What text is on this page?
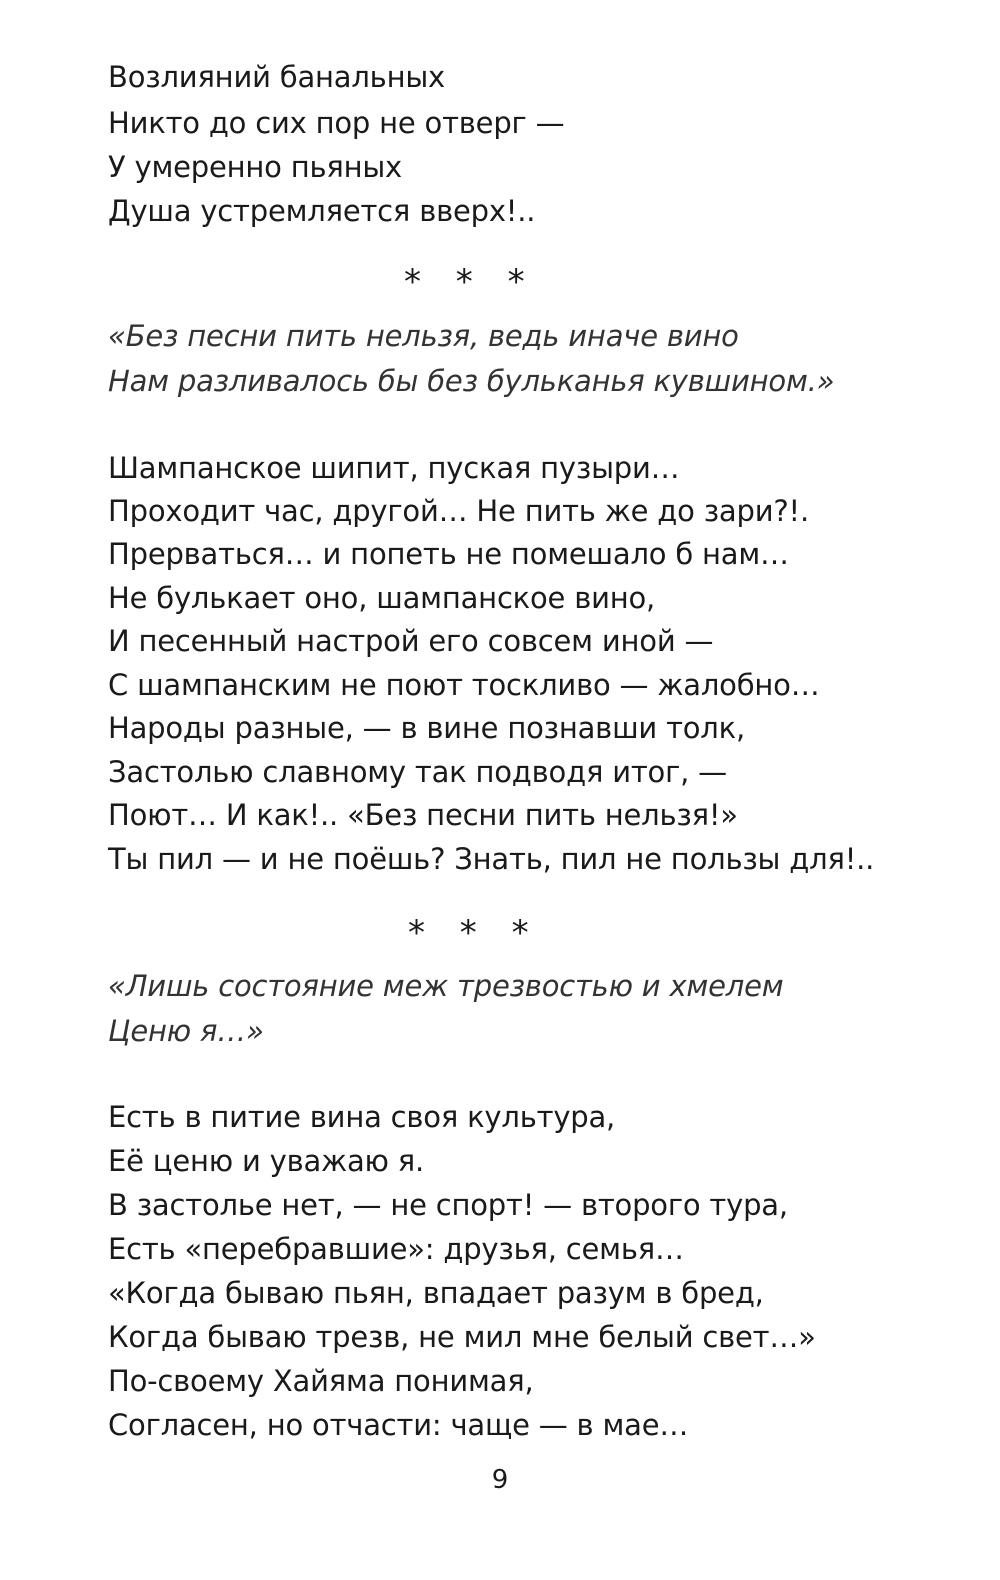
Возлияний банальных
Никто до сих пор не отверг —
У умеренно пьяных
Душа устремляется вверх!..
* * *
«Без песни пить нельзя, ведь иначе вино
Нам разливалось бы без бульканья кувшином.»
Шампанское шипит, пуская пузыри…
Проходит час, другой… Не пить же до зари?!.
Прерваться… и попеть не помешало б нам…
Не булькает оно, шампанское вино,
И песенный настрой его совсем иной —
С шампанским не поют тоскливо — жалобно…
Народы разные, — в вине познавши толк,
Застолью славному так подводя итог, —
Поют… И как!.. «Без песни пить нельзя!»
Ты пил — и не поёшь? Знать, пил не пользы для!..
* * *
«Лишь состояние меж трезвостью и хмелем
Ценю я…»
Есть в питие вина своя культура,
Её ценю и уважаю я.
В застолье нет, — не спорт! — второго тура,
Есть «перебравшие»: друзья, семья…
«Когда бываю пьян, впадает разум в бред,
Когда бываю трезв, не мил мне белый свет…»
По-своему Хайяма понимая,
Согласен, но отчасти: чаще — в мае…
9
